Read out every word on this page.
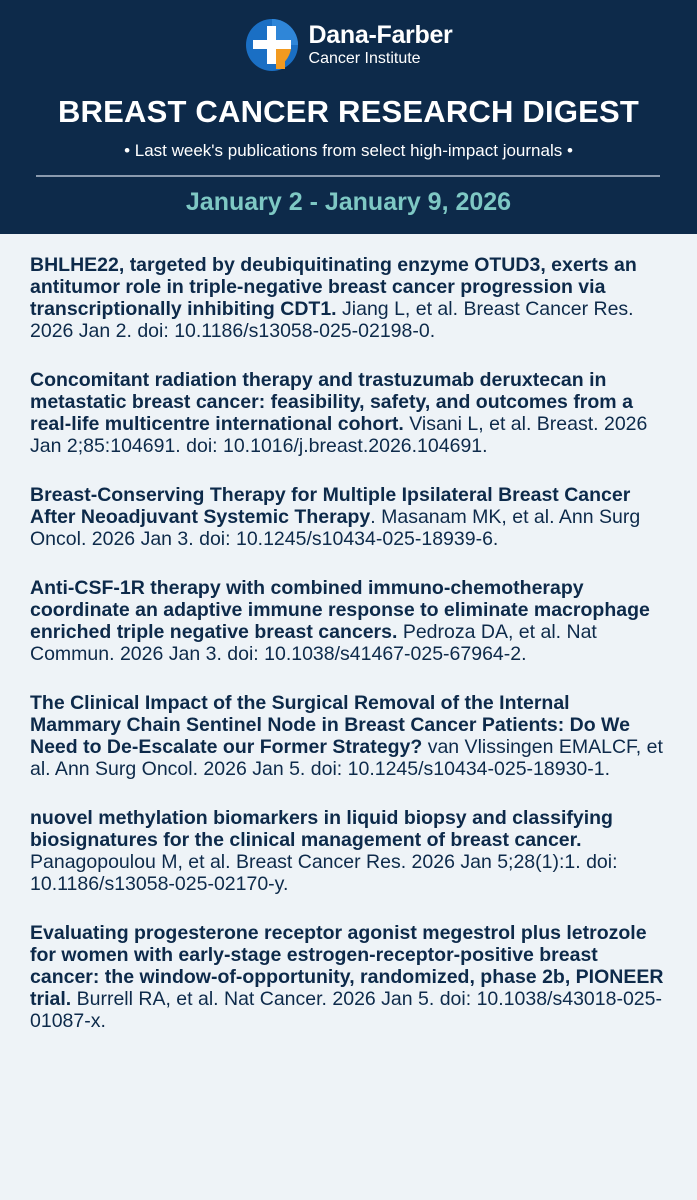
Dana-Farber
Cancer Institute
BREAST CANCER RESEARCH DIGEST
• Last week's publications from select high-impact journals •
January 2 - January 9, 2026

BHLHE22, targeted by deubiquitinating enzyme OTUD3, exerts an antitumor role in triple-negative breast cancer progression via transcriptionally inhibiting CDT1. Jiang L, et al. Breast Cancer Res. 2026 Jan 2. doi: 10.1186/s13058-025-02198-0.

Concomitant radiation therapy and trastuzumab deruxtecan in metastatic breast cancer: feasibility, safety, and outcomes from a real-life multicentre international cohort. Visani L, et al. Breast. 2026 Jan 2;85:104691. doi: 10.1016/j.breast.2026.104691.

Breast-Conserving Therapy for Multiple Ipsilateral Breast Cancer After Neoadjuvant Systemic Therapy. Masanam MK, et al. Ann Surg Oncol. 2026 Jan 3. doi: 10.1245/s10434-025-18939-6.

Anti-CSF-1R therapy with combined immuno-chemotherapy coordinate an adaptive immune response to eliminate macrophage enriched triple negative breast cancers. Pedroza DA, et al. Nat Commun. 2026 Jan 3. doi: 10.1038/s41467-025-67964-2.

The Clinical Impact of the Surgical Removal of the Internal Mammary Chain Sentinel Node in Breast Cancer Patients: Do We Need to De-Escalate our Former Strategy? van Vlissingen EMALCF, et al. Ann Surg Oncol. 2026 Jan 5. doi: 10.1245/s10434-025-18930-1.

nuovel methylation biomarkers in liquid biopsy and classifying biosignatures for the clinical management of breast cancer. Panagopoulou M, et al. Breast Cancer Res. 2026 Jan 5;28(1):1. doi: 10.1186/s13058-025-02170-y.

Evaluating progesterone receptor agonist megestrol plus letrozole for women with early-stage estrogen-receptor-positive breast cancer: the window-of-opportunity, randomized, phase 2b, PIONEER trial. Burrell RA, et al. Nat Cancer. 2026 Jan 5. doi: 10.1038/s43018-025-01087-x.
